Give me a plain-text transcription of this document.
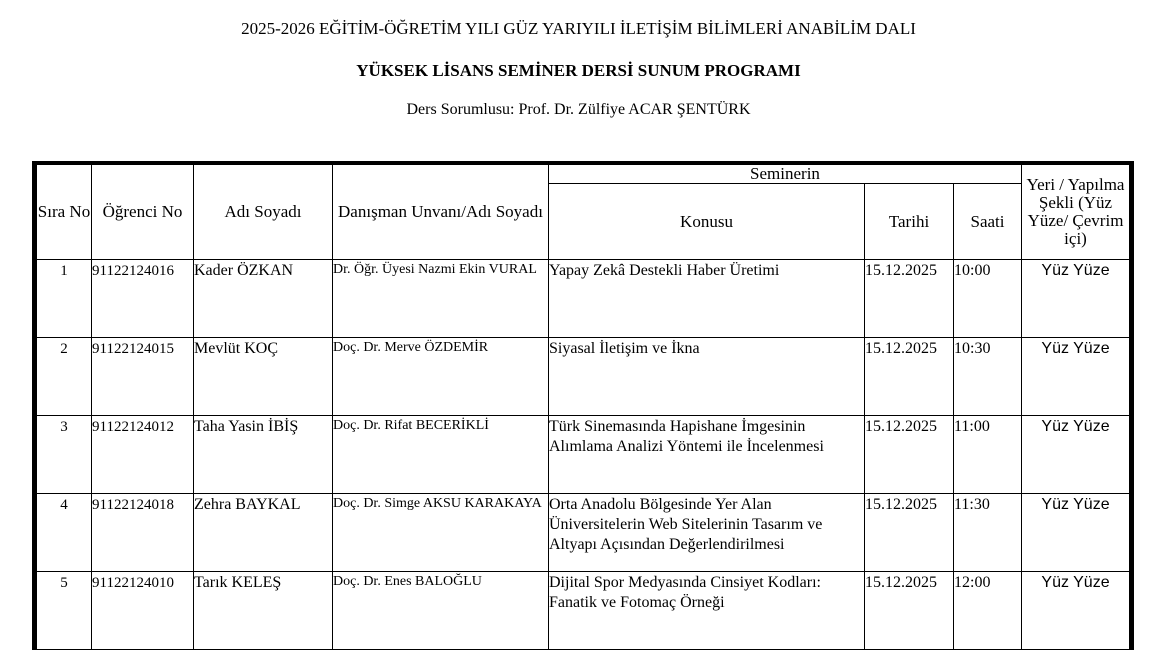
2025-2026 EĞİTİM-ÖĞRETİM YILI GÜZ YARIYILI İLETİŞİM BİLİMLERİ ANABİLİM DALI
YÜKSEK LİSANS SEMİNER DERSİ SUNUM PROGRAMI
Ders Sorumlusu: Prof. Dr. Zülfiye ACAR ŞENTÜRK
Sıra No	Öğrenci No	Adı Soyadı	Danışman Unvanı/Adı Soyadı	Seminerin			Yeri / Yapılma Şekli (Yüz Yüze/ Çevrim içi)
				Konusu	Tarihi	Saati	
1	91122124016	Kader ÖZKAN	Dr. Öğr. Üyesi Nazmi Ekin VURAL	Yapay Zekâ Destekli Haber Üretimi	15.12.2025	10:00	Yüz Yüze
2	91122124015	Mevlüt KOÇ	Doç. Dr. Merve ÖZDEMİR	Siyasal İletişim ve İkna	15.12.2025	10:30	Yüz Yüze
3	91122124012	Taha Yasin İBİŞ	Doç. Dr. Rifat BECERİKLİ	Türk Sinemasında Hapishane İmgesinin Alımlama Analizi Yöntemi ile İncelenmesi	15.12.2025	11:00	Yüz Yüze
4	91122124018	Zehra BAYKAL	Doç. Dr. Simge AKSU KARAKAYA	Orta Anadolu Bölgesinde Yer Alan Üniversitelerin Web Sitelerinin Tasarım ve Altyapı Açısından Değerlendirilmesi	15.12.2025	11:30	Yüz Yüze
5	91122124010	Tarık KELEŞ	Doç. Dr. Enes BALOĞLU	Dijital Spor Medyasında Cinsiyet Kodları: Fanatik ve Fotomaç Örneği	15.12.2025	12:00	Yüz Yüze
